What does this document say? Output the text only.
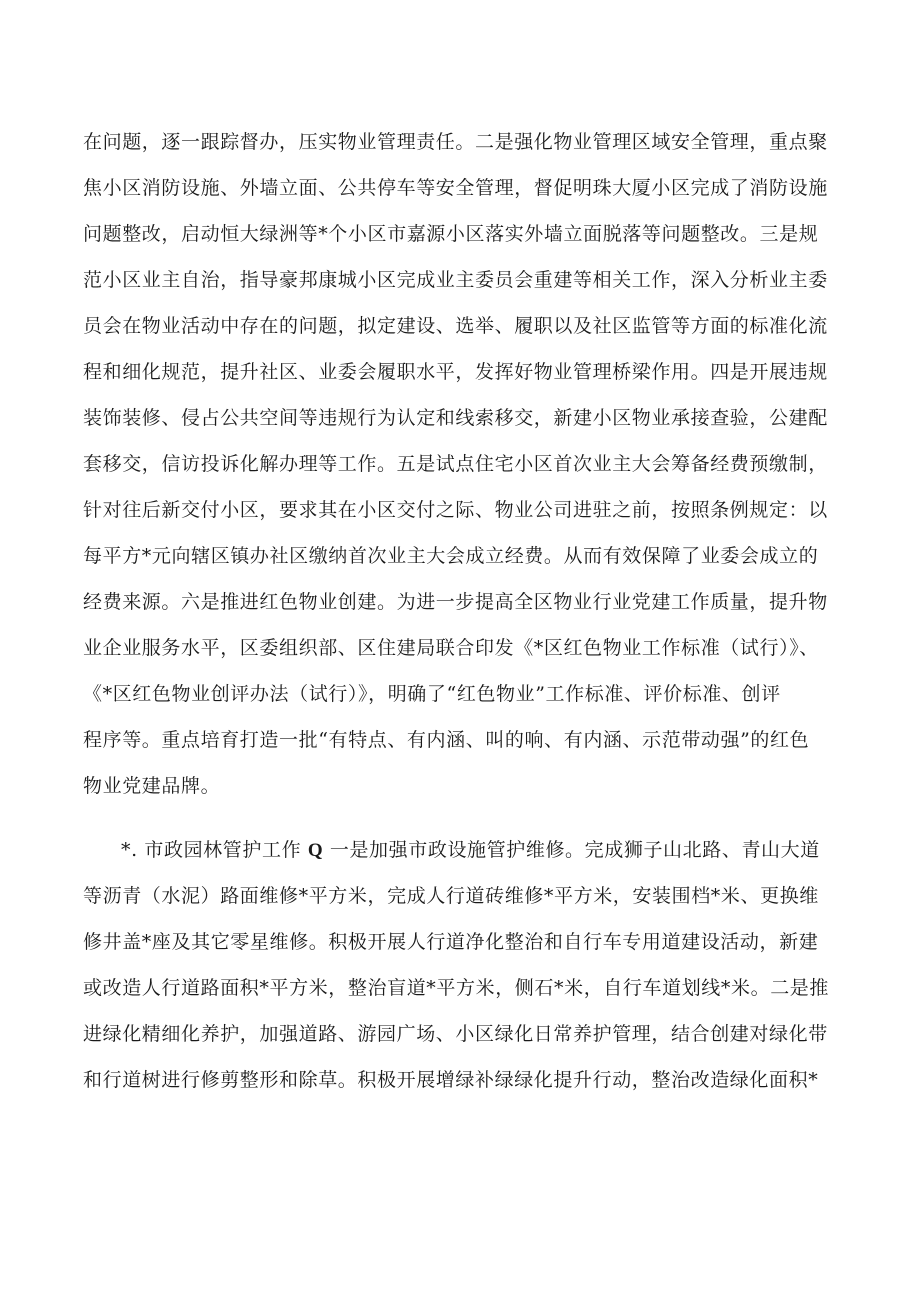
在问题，逐一跟踪督办，压实物业管理责任。二是强化物业管理区域安全管理，重点聚
焦小区消防设施、外墙立面、公共停车等安全管理，督促明珠大厦小区完成了消防设施
问题整改，启动恒大绿洲等*个小区市嘉源小区落实外墙立面脱落等问题整改。三是规
范小区业主自治，指导豪邦康城小区完成业主委员会重建等相关工作，深入分析业主委
员会在物业活动中存在的问题，拟定建设、选举、履职以及社区监管等方面的标准化流
程和细化规范，提升社区、业委会履职水平，发挥好物业管理桥梁作用。四是开展违规
装饰装修、侵占公共空间等违规行为认定和线索移交，新建小区物业承接查验，公建配
套移交，信访投诉化解办理等工作。五是试点住宅小区首次业主大会筹备经费预缴制，
针对往后新交付小区，要求其在小区交付之际、物业公司进驻之前，按照条例规定：以
每平方*元向辖区镇办社区缴纳首次业主大会成立经费。从而有效保障了业委会成立的
经费来源。六是推进红色物业创建。为进一步提高全区物业行业党建工作质量，提升物
业企业服务水平，区委组织部、区住建局联合印发《*区红色物业工作标准（试行）》、
《*区红色物业创评办法（试行）》，明确了“红色物业”工作标准、评价标准、创评
程序等。重点培育打造一批“有特点、有内涵、叫的响、有内涵、示范带动强”的红色
物业党建品牌。
*. 市政园林管护工作 Q 一是加强市政设施管护维修。完成狮子山北路、青山大道
等沥青（水泥）路面维修*平方米，完成人行道砖维修*平方米，安装围档*米、更换维
修井盖*座及其它零星维修。积极开展人行道净化整治和自行车专用道建设活动，新建
或改造人行道路面积*平方米，整治盲道*平方米，侧石*米，自行车道划线*米。二是推
进绿化精细化养护，加强道路、游园广场、小区绿化日常养护管理，结合创建对绿化带
和行道树进行修剪整形和除草。积极开展增绿补绿绿化提升行动，整治改造绿化面积*
